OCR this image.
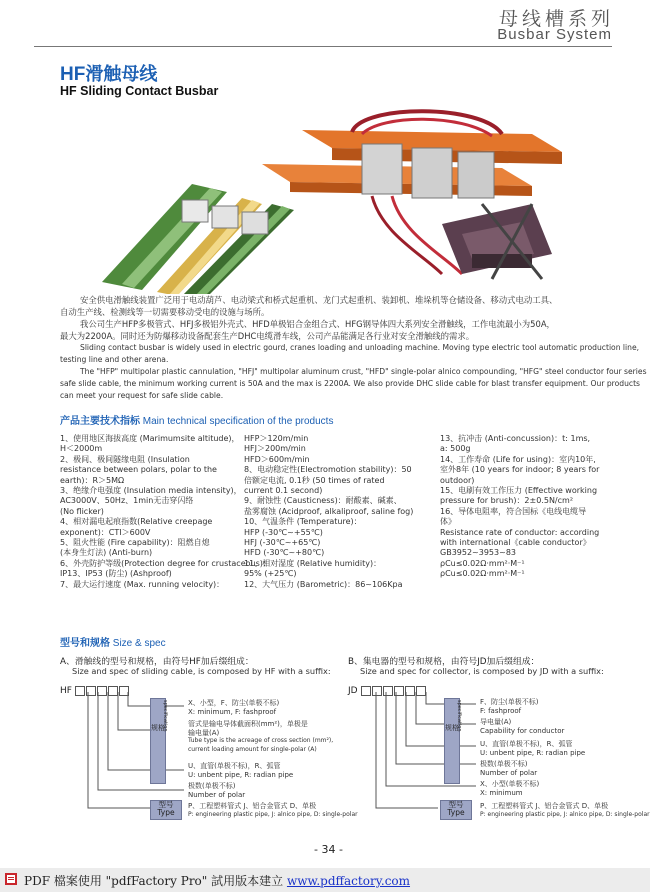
母线槽系列
Busbar System
HF滑触母线
HF Sliding Contact Busbar
安全供电滑触线装置广泛用于电动葫芦、电动梁式和桥式起重机、龙门式起重机、装卸机、堆垛机等仓储设备、移动式电动工具、
自动生产线、检测线等一切需要移动受电的设施与场所。
我公司生产HFP多极管式、HFJ多极铝外壳式、HFD单极铝合金组合式、HFG钢导体四大系列安全滑触线，工作电流最小为50A，
最大为2200A。同时还为防爆移动设备配套生产DHC电缆滑车线，公司产品能满足各行业对安全滑触线的需求。
Sliding contact busbar is widely used in electric gourd, cranes loading and unloading machine. Moving type electric tool automatic production line,
testing line and other arena.
The "HFP" multipolar plastic cannulation, "HFJ" multipolar aluminum crust, "HFD" single-polar alnico compounding, "HFG" steel conductor four series
safe slide cable, the minimum working current is 50A and the max is 2200A. We also provide DHC slide cable for blast transfer equipment. Our products
can meet your request for safe slide cable.
产品主要技术指标 Main technical specification of the products
1、使用地区海拔高度 (Marimumsite altitude)，
H＜2000m
2、极间、极间隧缘电阻 (Insulation
resistance between polars, polar to the
earth)：R＞5MΩ
3、绝缘介电强度 (Insulation media intensity)，
AC3000V、50Hz、1min无击穿闪络
(No flicker)
4、相对漏电起痕指数(Relative creepage
exponent)：CTI＞600V
5、阻火性能 (Fire capability)：阻燃自熄
(本身生灯法) (Anti-burn)
6、外壳防护等级(Protection degree for crustaceous)：
IP13、IP53 (防尘) (Ashproof)
7、最大运行速度 (Max. running velocity)：
HFP＞120m/min
HFJ＞200m/min
HFD＞600m/min
8、电动稳定性(Electromotion stability)：50
倍额定电流, 0.1秒 (50 times of rated
current 0.1 second)
9、耐蚀性 (Causticness)：耐酸素、碱素、
盐雾腐蚀 (Acidproof, alkaliproof, saline fog)
10、气温条件 (Temperature)：
HFP (-30℃~+55℃)
HFJ (-30℃~+65℃)
HFD (-30℃~+80℃)
11、相对湿度 (Relative humidity)：
95% (+25℃)
12、大气压力 (Barometric)：86~106Kpa
13、抗冲击 (Anti-concussion)：t: 1ms,
a: 500g
14、工作寿命 (Life for using)：室内10年,
室外8年 (10 years for indoor; 8 years for
outdoor)
15、电刷有效工作压力 (Effective working
pressure for brush)：2±0.5N/cm²
16、导体电阻率，符合国标《电线电缆导
体》
Resistance rate of conductor: according
with international《cable conductor》
GB3952~3953~83
ρCu≤0.02Ω·mm²·M⁻¹
ρCu≤0.02Ω·mm²·M⁻¹
型号和规格 Size & spec
A、滑触线的型号和规格，由符号HF加后缀组成：
Size and spec of sliding cable, is composed by HF with a suffix:
B、集电器的型号和规格，由符号JD加后缀组成：
Size and spec for collector, is composed by JD with a suffix:
HF
规格
specification
型号
Type
X、小型，F、防尘(单极不标)
X: minimum, F: fashproof
管式是输电导体截面积(mm²)，单极是
输电量(A)
Tube type is the acreage of cross section (mm²),
current loading amount for single-polar (A)
U、直管(单极不标)，R、弧管
U: unbent pipe, R: radian pipe
极数(单极不标)
Number of polar
P、工程塑料管式 J、铝合金管式 D、单极
P: engineering plastic pipe, J: alnico pipe, D: single-polar
JD
规格
specification
型号
Type
F、防尘(单极不标)
F: fashproof
导电量(A)
Capability for conductor
U、直管(单极不标)，R、弧管
U: unbent pipe, R: radian pipe
极数(单极不标)
Number of polar
X、小型(单极不标)
X: minimum
P、工程塑料管式 J、铝合金管式 D、单极
P: engineering plastic pipe, J: alnico pipe, D: single-polar
- 34 -
PDF 檔案使用 "pdfFactory Pro" 試用版本建立 www.pdffactory.com
